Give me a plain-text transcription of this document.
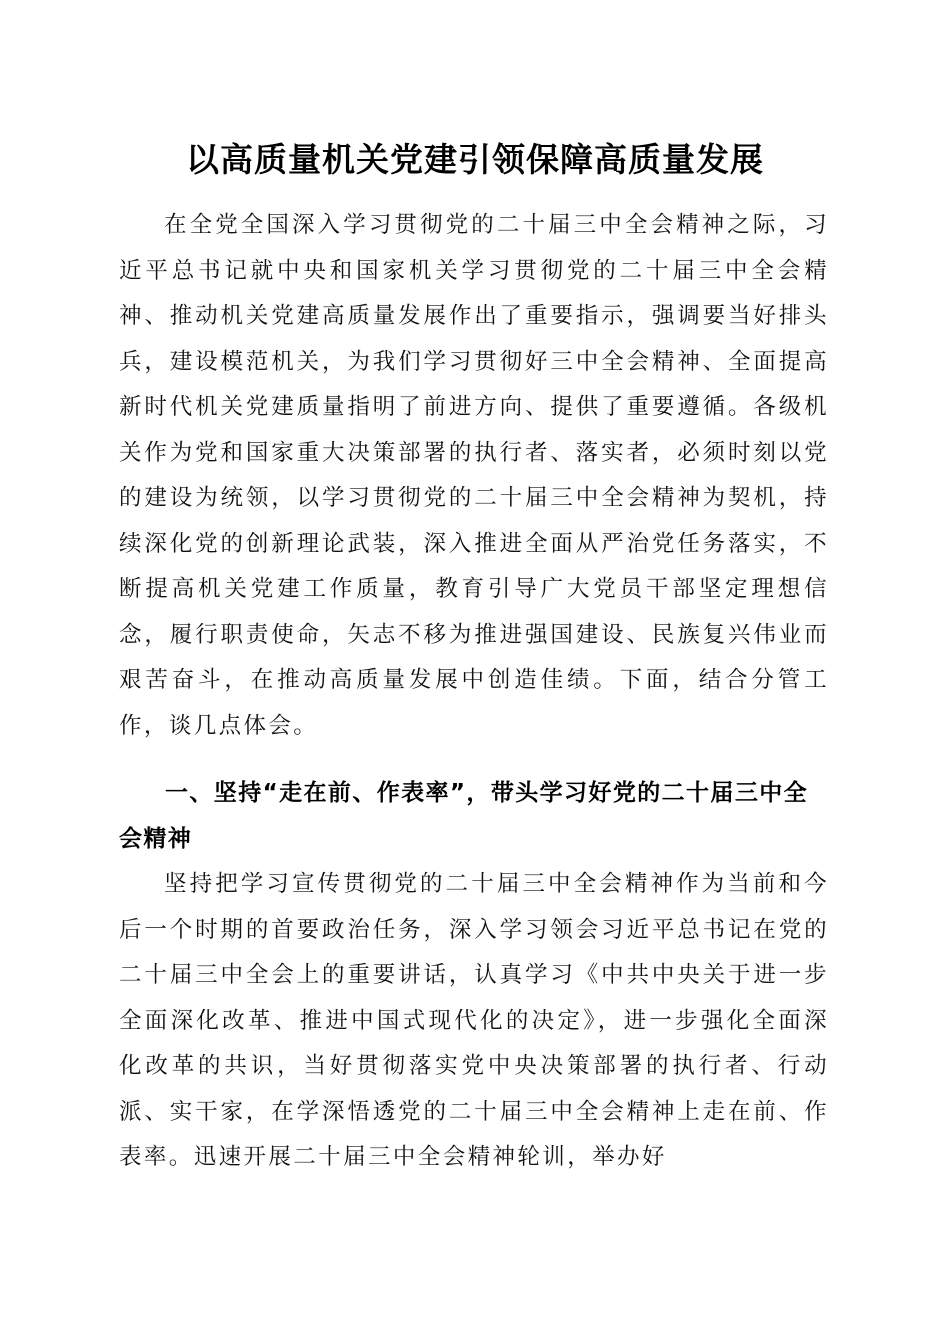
以高质量机关党建引领保障高质量发展

在全党全国深入学习贯彻党的二十届三中全会精神之际，习近平总书记就中央和国家机关学习贯彻党的二十届三中全会精神、推动机关党建高质量发展作出了重要指示，强调要当好排头兵，建设模范机关，为我们学习贯彻好三中全会精神、全面提高新时代机关党建质量指明了前进方向、提供了重要遵循。各级机关作为党和国家重大决策部署的执行者、落实者，必须时刻以党的建设为统领，以学习贯彻党的二十届三中全会精神为契机，持续深化党的创新理论武装，深入推进全面从严治党任务落实，不断提高机关党建工作质量，教育引导广大党员干部坚定理想信念，履行职责使命，矢志不移为推进强国建设、民族复兴伟业而艰苦奋斗，在推动高质量发展中创造佳绩。下面，结合分管工作，谈几点体会。

一、坚持“走在前、作表率”，带头学习好党的二十届三中全会精神

坚持把学习宣传贯彻党的二十届三中全会精神作为当前和今后一个时期的首要政治任务，深入学习领会习近平总书记在党的二十届三中全会上的重要讲话，认真学习《中共中央关于进一步全面深化改革、推进中国式现代化的决定》，进一步强化全面深化改革的共识，当好贯彻落实党中央决策部署的执行者、行动派、实干家，在学深悟透党的二十届三中全会精神上走在前、作表率。迅速开展二十届三中全会精神轮训，举办好
